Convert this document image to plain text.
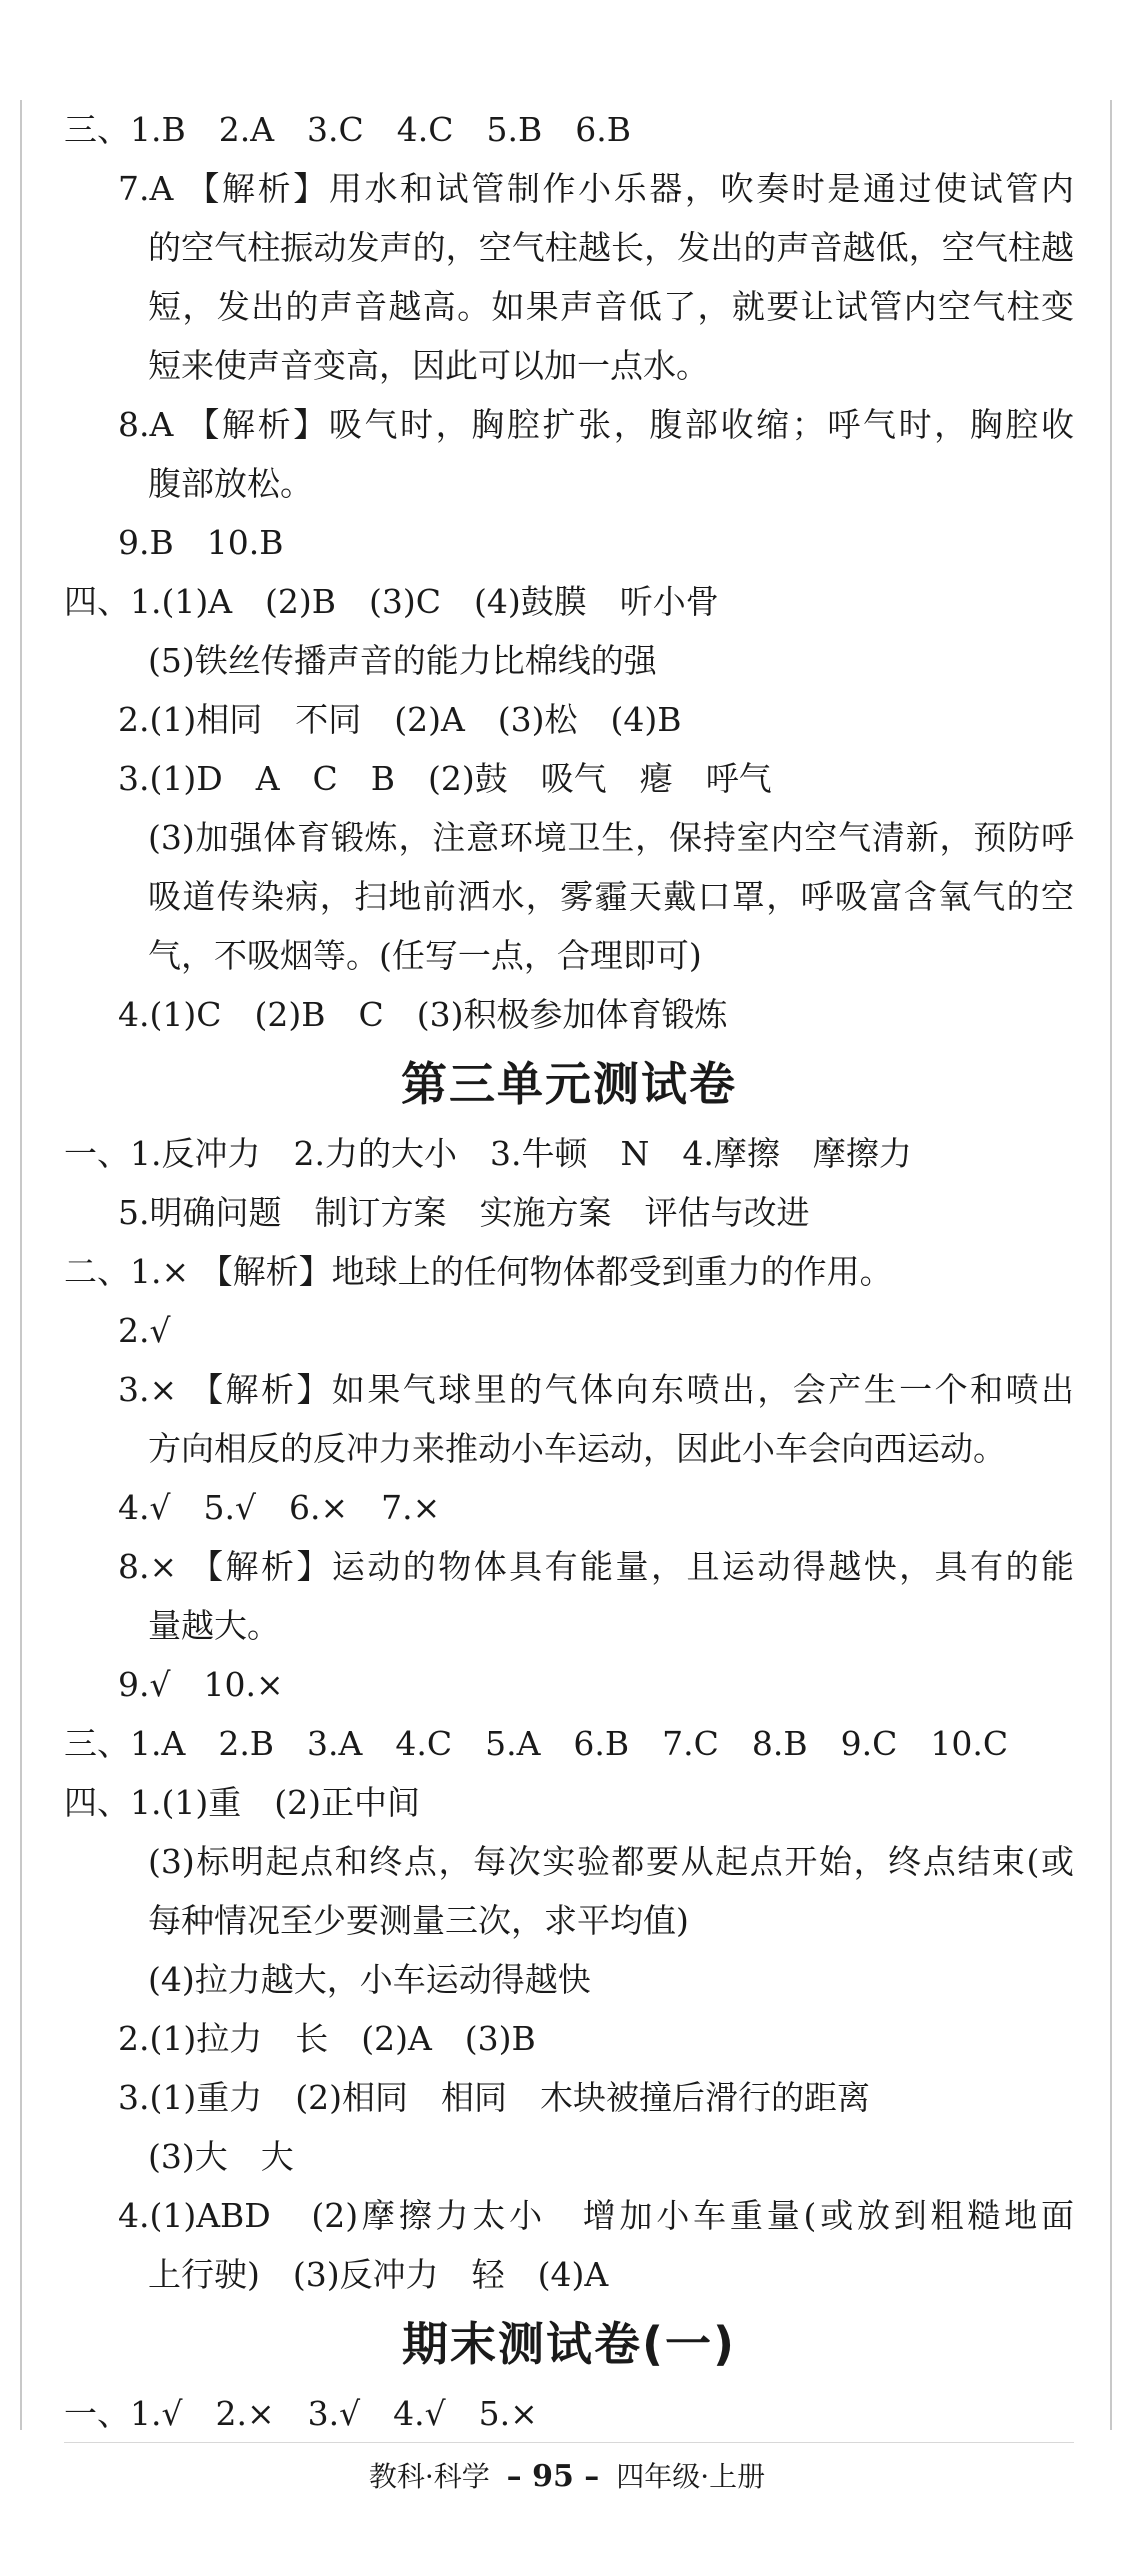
三、1.B　2.A　3.C　4.C　5.B　6.B
7.A 【解析】用水和试管制作小乐器，吹奏时是通过使试管内
的空气柱振动发声的，空气柱越长，发出的声音越低，空气柱越
短，发出的声音越高。如果声音低了，就要让试管内空气柱变
短来使声音变高，因此可以加一点水。
8.A 【解析】吸气时，胸腔扩张，腹部收缩；呼气时，胸腔收
腹部放松。
9.B　10.B
四、1.(1)A　(2)B　(3)C　(4)鼓膜　听小骨
(5)铁丝传播声音的能力比棉线的强
2.(1)相同　不同　(2)A　(3)松　(4)B
3.(1)D　A　C　B　(2)鼓　吸气　瘪　呼气
(3)加强体育锻炼，注意环境卫生，保持室内空气清新，预防呼
吸道传染病，扫地前洒水，雾霾天戴口罩，呼吸富含氧气的空
气，不吸烟等。(任写一点，合理即可)
4.(1)C　(2)B　C　(3)积极参加体育锻炼
第三单元测试卷
一、1.反冲力　2.力的大小　3.牛顿　N　4.摩擦　摩擦力
5.明确问题　制订方案　实施方案　评估与改进
二、1.× 【解析】地球上的任何物体都受到重力的作用。
2.√
3.× 【解析】如果气球里的气体向东喷出，会产生一个和喷出
方向相反的反冲力来推动小车运动，因此小车会向西运动。
4.√　5.√　6.×　7.×
8.× 【解析】运动的物体具有能量，且运动得越快，具有的能
量越大。
9.√　10.×
三、1.A　2.B　3.A　4.C　5.A　6.B　7.C　8.B　9.C　10.C
四、1.(1)重　(2)正中间
(3)标明起点和终点，每次实验都要从起点开始，终点结束(或
每种情况至少要测量三次，求平均值)
(4)拉力越大，小车运动得越快
2.(1)拉力　长　(2)A　(3)B
3.(1)重力　(2)相同　相同　木块被撞后滑行的距离
(3)大　大
4.(1)ABD　(2)摩擦力太小　增加小车重量(或放到粗糙地面
上行驶)　(3)反冲力　轻　(4)A
期末测试卷(一)
一、1.√　2.×　3.√　4.√　5.×
教科·科学 – 95 – 四年级·上册
